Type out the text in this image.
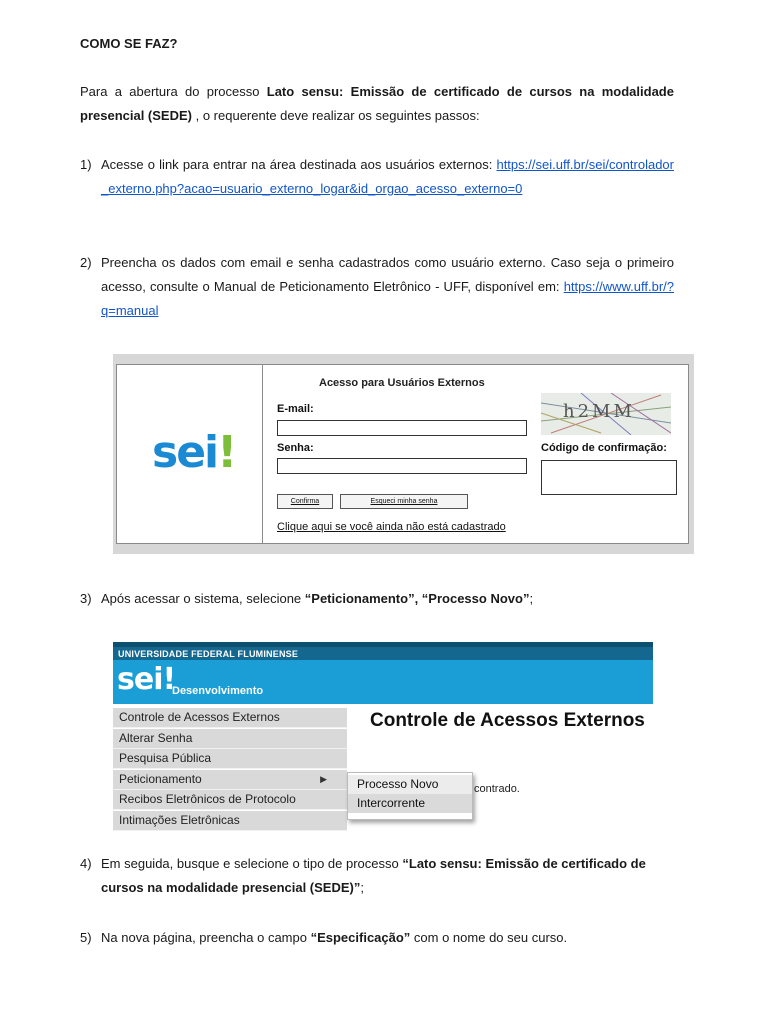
COMO SE FAZ?
Para a abertura do processo Lato sensu: Emissão de certificado de cursos na modalidade presencial (SEDE) , o requerente deve realizar os seguintes passos:
1) Acesse o link para entrar na área destinada aos usuários externos: https://sei.uff.br/sei/controlador_externo.php?acao=usuario_externo_logar&id_orgao_acesso_externo=0
2) Preencha os dados com email e senha cadastrados como usuário externo. Caso seja o primeiro acesso, consulte o Manual de Peticionamento Eletrônico - UFF, disponível em: https://www.uff.br/?q=manual
3) Após acessar o sistema, selecione “Peticionamento”, “Processo Novo”;
4) Em seguida, busque e selecione o tipo de processo “Lato sensu: Emissão de certificado de cursos na modalidade presencial (SEDE)”;
5) Na nova página, preencha o campo “Especificação” com o nome do seu curso.
sei!
Acesso para Usuários Externos
E-mail:
Senha:
h2MM
Código de confirmação:
Confirma	Esqueci minha senha
Clique aqui se você ainda não está cadastrado
UNIVERSIDADE FEDERAL FLUMINENSE
sei!
Desenvolvimento
Controle de Acessos Externos
Alterar Senha
Pesquisa Pública
Peticionamento	▶
Recibos Eletrônicos de Protocolo
Intimações Eletrônicas
Controle de Acessos Externos
contrado.
Processo Novo
Intercorrente
